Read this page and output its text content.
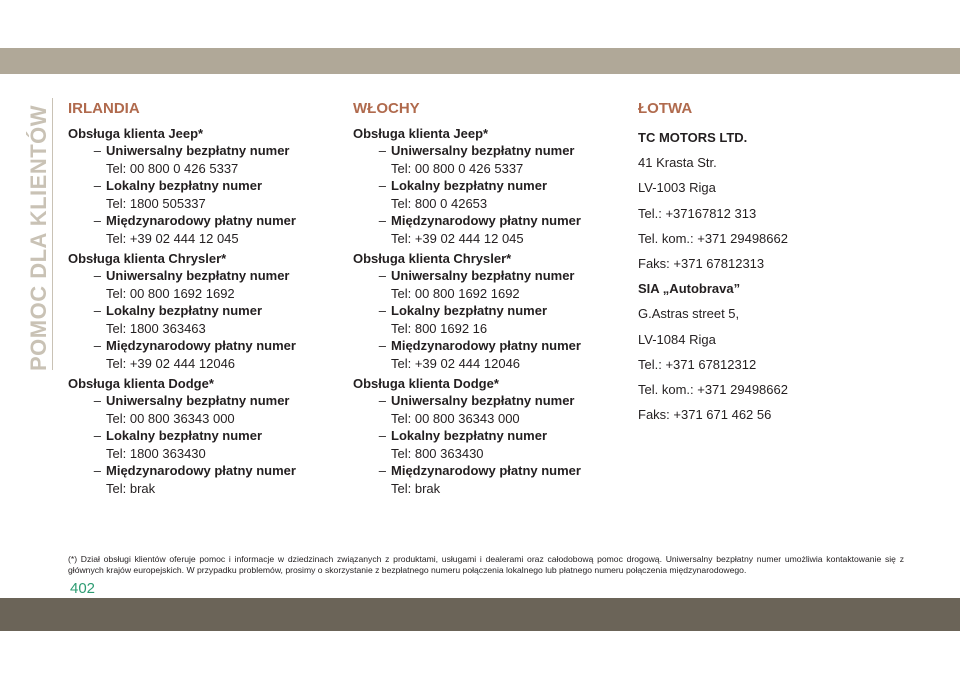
POMOC DLA KLIENTÓW IRLANDIA

Obsługa klienta Jeep*

– Uniwersalny bezpłatny numer

Tel: 00 800 0 426 5337

– Lokalny bezpłatny numer

Tel: 1800 505337

– Międzynarodowy płatny numer

Tel: +39 02 444 12 045

Obsługa klienta Chrysler*

– Uniwersalny bezpłatny numer

Tel: 00 800 1692 1692

– Lokalny bezpłatny numer

Tel: 1800 363463

– Międzynarodowy płatny numer

Tel: +39 02 444 12046

Obsługa klienta Dodge*

– Uniwersalny bezpłatny numer

Tel: 00 800 36343 000

– Lokalny bezpłatny numer

Tel: 1800 363430

– Międzynarodowy płatny numer

Tel: brak

WŁOCHY

Obsługa klienta Jeep*

– Uniwersalny bezpłatny numer

Tel: 00 800 0 426 5337

– Lokalny bezpłatny numer

Tel: 800 0 42653

– Międzynarodowy płatny numer

Tel: +39 02 444 12 045

Obsługa klienta Chrysler*

– Uniwersalny bezpłatny numer

Tel: 00 800 1692 1692

– Lokalny bezpłatny numer

Tel: 800 1692 16

– Międzynarodowy płatny numer

Tel: +39 02 444 12046

Obsługa klienta Dodge*

– Uniwersalny bezpłatny numer

Tel: 00 800 36343 000

– Lokalny bezpłatny numer

Tel: 800 363430

– Międzynarodowy płatny numer

Tel: brak

ŁOTWA

TC MOTORS LTD.

41 Krasta Str.

LV-1003 Riga

Tel.: +37167812 313

Tel. kom.: +371 29498662

Faks: +371 67812313

SIA „Autobrava”

G.Astras street 5,

LV-1084 Riga

Tel.: +371 67812312

Tel. kom.: +371 29498662

Faks: +371 671 462 56

(*) Dział obsługi klientów oferuje pomoc i informacje w dziedzinach związanych z produktami, usługami i dealerami oraz całodobową pomoc drogową. Uniwersalny bezpłatny numer umożliwia kontaktowanie się z głównych krajów europejskich. W przypadku problemów, prosimy o skorzystanie z bezpłatnego numeru połączenia lokalnego lub płatnego numeru połączenia międzynarodowego.
402
